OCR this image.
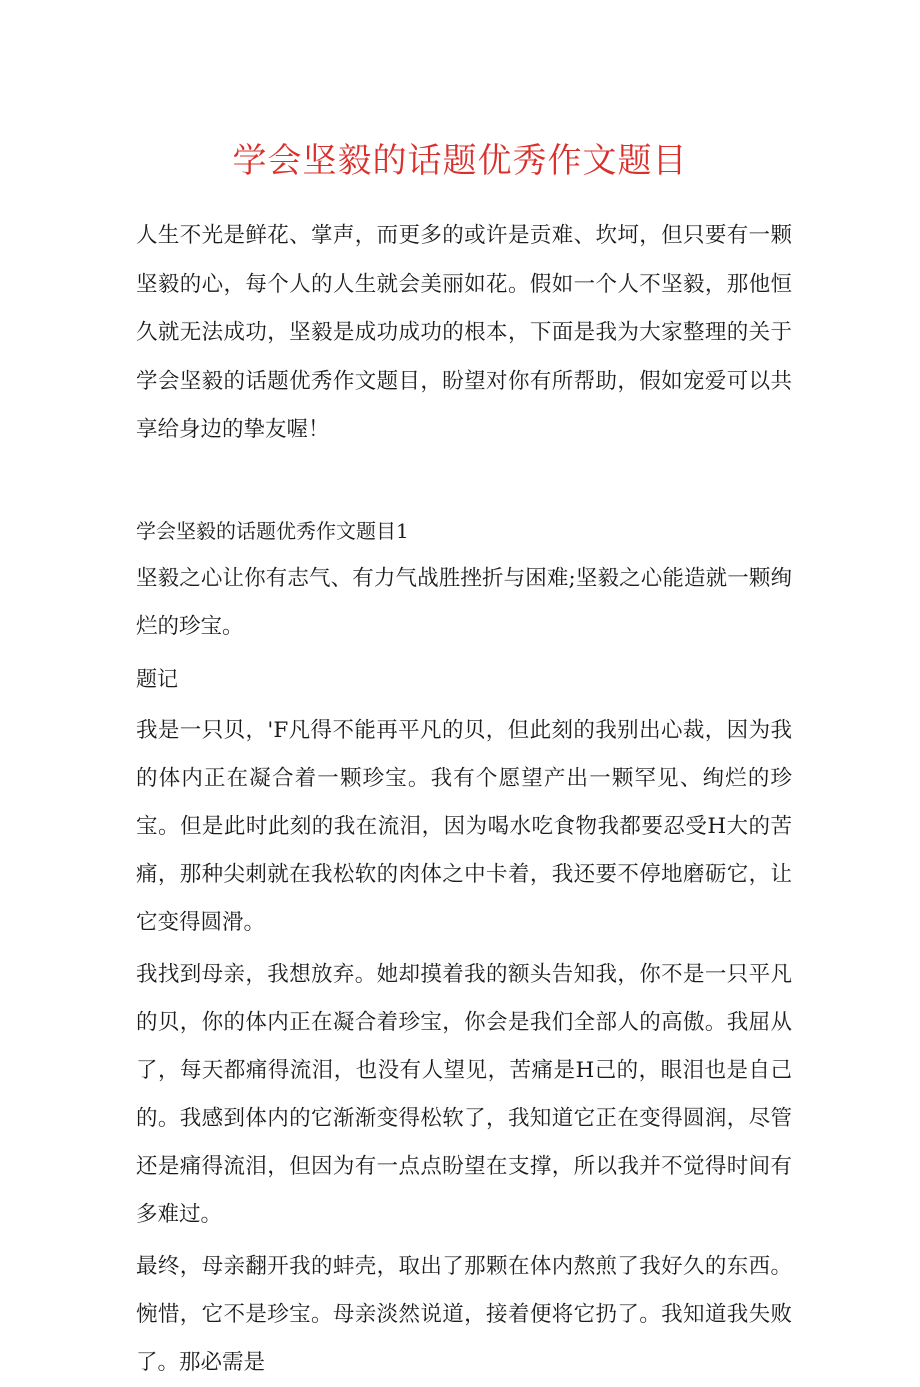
学会坚毅的话题优秀作文题目

人生不光是鲜花、掌声，而更多的或许是贡难、坎坷，但只要有一颗坚毅的心，每个人的人生就会美丽如花。假如一个人不坚毅，那他恒久就无法成功，坚毅是成功成功的根本，下面是我为大家整理的关于学会坚毅的话题优秀作文题目，盼望对你有所帮助，假如宠爱可以共享给身边的挚友喔！

学会坚毅的话题优秀作文题目1

坚毅之心让你有志气、有力气战胜挫折与困难;坚毅之心能造就一颗绚烂的珍宝。

题记

我是一只贝，'F凡得不能再平凡的贝，但此刻的我别出心裁，因为我的体内正在凝合着一颗珍宝。我有个愿望产出一颗罕见、绚烂的珍宝。但是此时此刻的我在流泪，因为喝水吃食物我都要忍受H大的苦痛，那种尖刺就在我松软的肉体之中卡着，我还要不停地磨砺它，让它变得圆滑。

我找到母亲，我想放弃。她却摸着我的额头告知我，你不是一只平凡的贝，你的体内正在凝合着珍宝，你会是我们全部人的高傲。我屈从了，每天都痛得流泪，也没有人望见，苦痛是H己的，眼泪也是自己的。我感到体内的它渐渐变得松软了，我知道它正在变得圆润，尽管还是痛得流泪，但因为有一点点盼望在支撑，所以我并不觉得时间有多难过。

最终，母亲翻开我的蚌壳，取出了那颗在体内熬煎了我好久的东西。惋惜，它不是珍宝。母亲淡然说道，接着便将它扔了。我知道我失败了。那必需是
